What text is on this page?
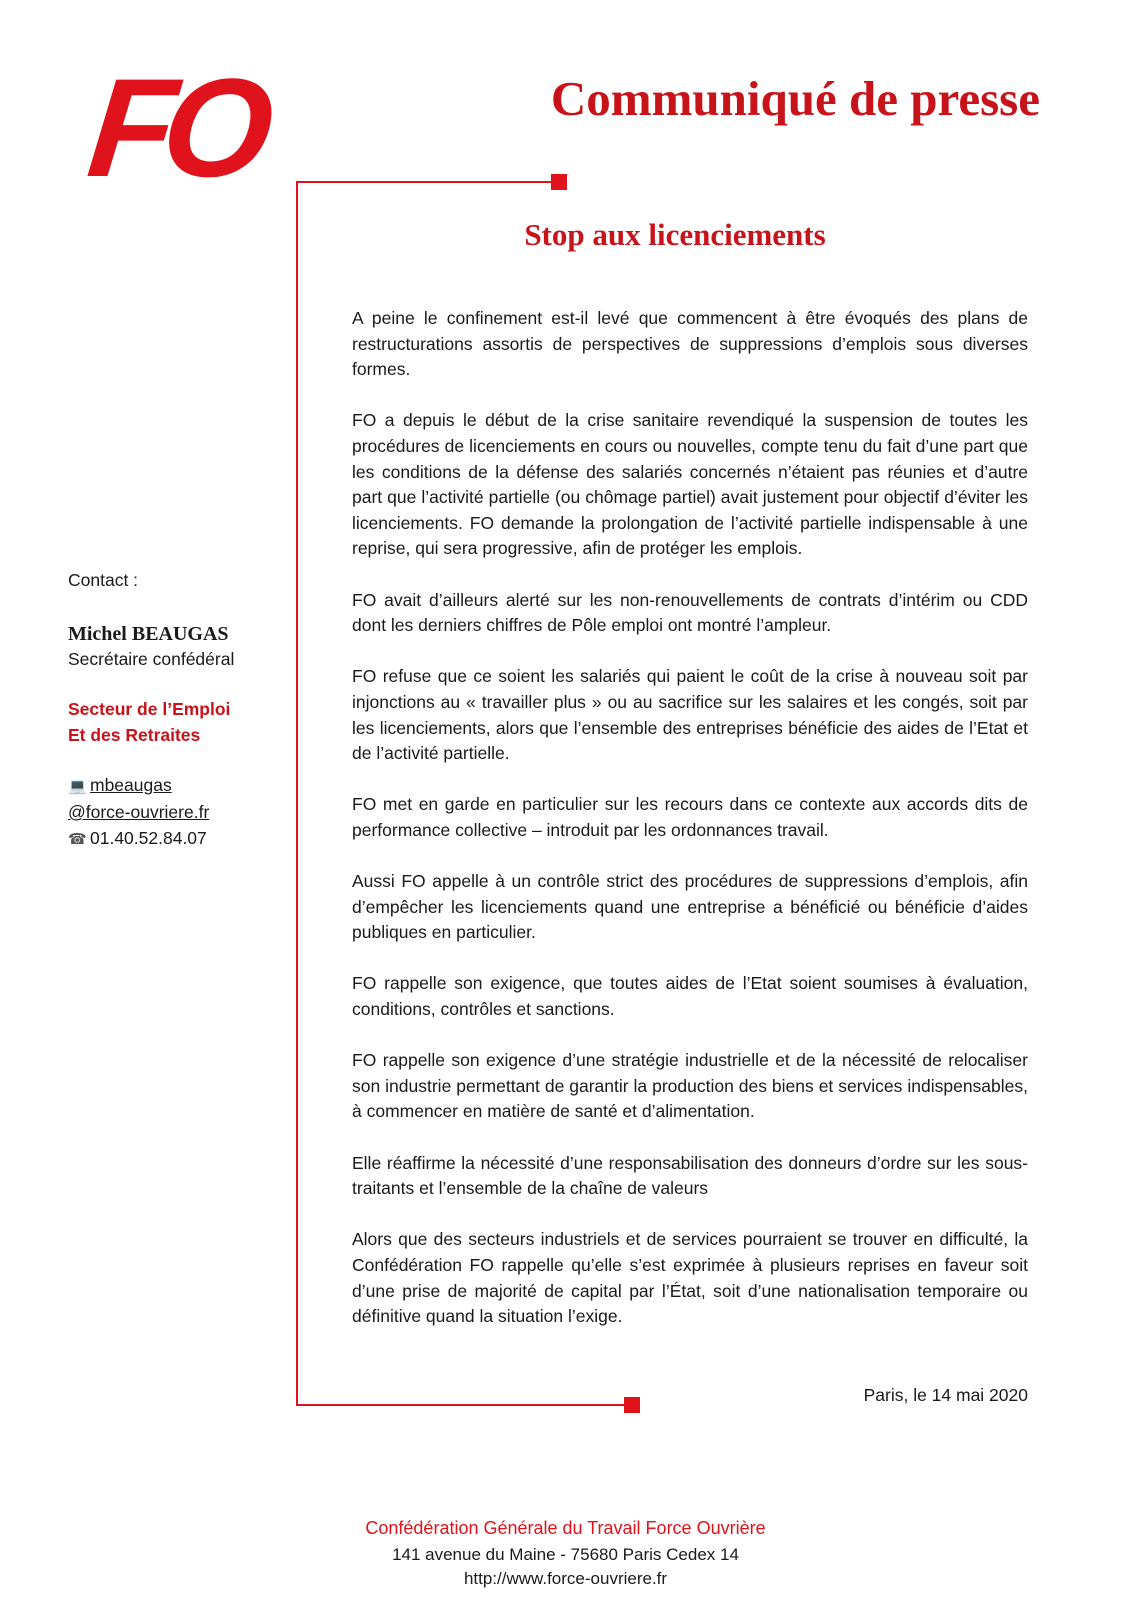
FO	Communiqué de presse
Stop aux licenciements

A peine le confinement est-il levé que commencent à être évoqués des plans de restructurations assortis de perspectives de suppressions d’emplois sous diverses formes.

FO a depuis le début de la crise sanitaire revendiqué la suspension de toutes les procédures de licenciements en cours ou nouvelles, compte tenu du fait d’une part que les conditions de la défense des salariés concernés n’étaient pas réunies et d’autre part que l’activité partielle (ou chômage partiel) avait justement pour objectif d’éviter les licenciements. FO demande la prolongation de l’activité partielle indispensable à une reprise, qui sera progressive, afin de protéger les emplois.

FO avait d’ailleurs alerté sur les non-renouvellements de contrats d’intérim ou CDD dont les derniers chiffres de Pôle emploi ont montré l’ampleur.

FO refuse que ce soient les salariés qui paient le coût de la crise à nouveau soit par injonctions au « travailler plus » ou au sacrifice sur les salaires et les congés, soit par les licenciements, alors que l’ensemble des entreprises bénéficie des aides de l’Etat et de l’activité partielle.

FO met en garde en particulier sur les recours dans ce contexte aux accords dits de performance collective – introduit par les ordonnances travail.

Aussi FO appelle à un contrôle strict des procédures de suppressions d’emplois, afin d’empêcher les licenciements quand une entreprise a bénéficié ou bénéficie d’aides publiques en particulier.

FO rappelle son exigence, que toutes aides de l’Etat soient soumises à évaluation, conditions, contrôles et sanctions.

FO rappelle son exigence d’une stratégie industrielle et de la nécessité de relocaliser son industrie permettant de garantir la production des biens et services indispensables, à commencer en matière de santé et d’alimentation.

Elle réaffirme la nécessité d’une responsabilisation des donneurs d’ordre sur les sous-traitants et l’ensemble de la chaîne de valeurs

Alors que des secteurs industriels et de services pourraient se trouver en difficulté, la Confédération FO rappelle qu’elle s’est exprimée à plusieurs reprises en faveur soit d’une prise de majorité de capital par l’État, soit d’une nationalisation temporaire ou définitive quand la situation l’exige.

Paris, le 14 mai 2020
Contact :
Michel BEAUGAS
Secrétaire confédéral
Secteur de l’Emploi
Et des Retraites
💻 mbeaugas
@force-ouvriere.fr
☎ 01.40.52.84.07
Confédération Générale du Travail Force Ouvrière
141 avenue du Maine - 75680 Paris Cedex 14
http://www.force-ouvriere.fr
